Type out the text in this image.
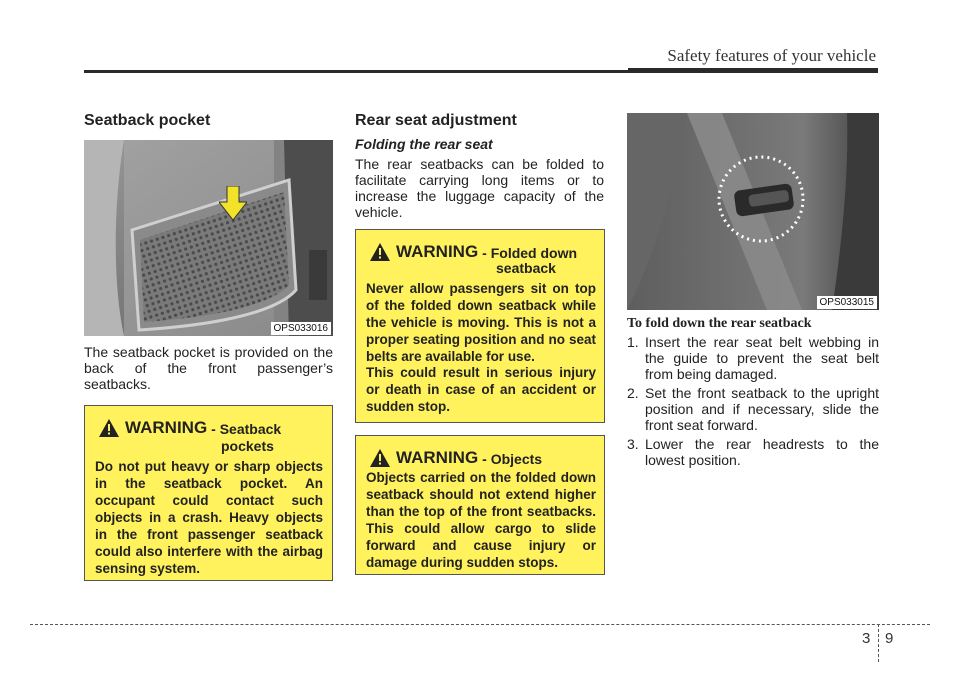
Safety features of your vehicle
Seatback pocket
OPS033016
The seatback pocket is provided on the back of the front passenger’s seatbacks.
WARNING - Seatback
pockets
Do not put heavy or sharp objects in the seatback pocket. An occupant could contact such objects in a crash. Heavy objects in the front passenger seatback could also interfere with the airbag sensing system.
Rear seat adjustment
Folding the rear seat
The rear seatbacks can be folded to facilitate carrying long items or to increase the luggage capacity of the vehicle.
WARNING - Folded down
seatback
Never allow passengers sit on top of the folded down seatback while the vehicle is moving. This is not a proper seating position and no seat belts are available for use.
This could result in serious injury or death in case of an accident or sudden stop.
WARNING - Objects
Objects carried on the folded down seatback should not extend higher than the top of the front seatbacks. This could allow cargo to slide forward and cause injury or damage during sudden stops.
OPS033015
To fold down the rear seatback
1. Insert the rear seat belt webbing in the guide to prevent the seat belt from being damaged.
2. Set the front seatback to the upright position and if necessary, slide the front seat forward.
3. Lower the rear headrests to the lowest position.
3 9
